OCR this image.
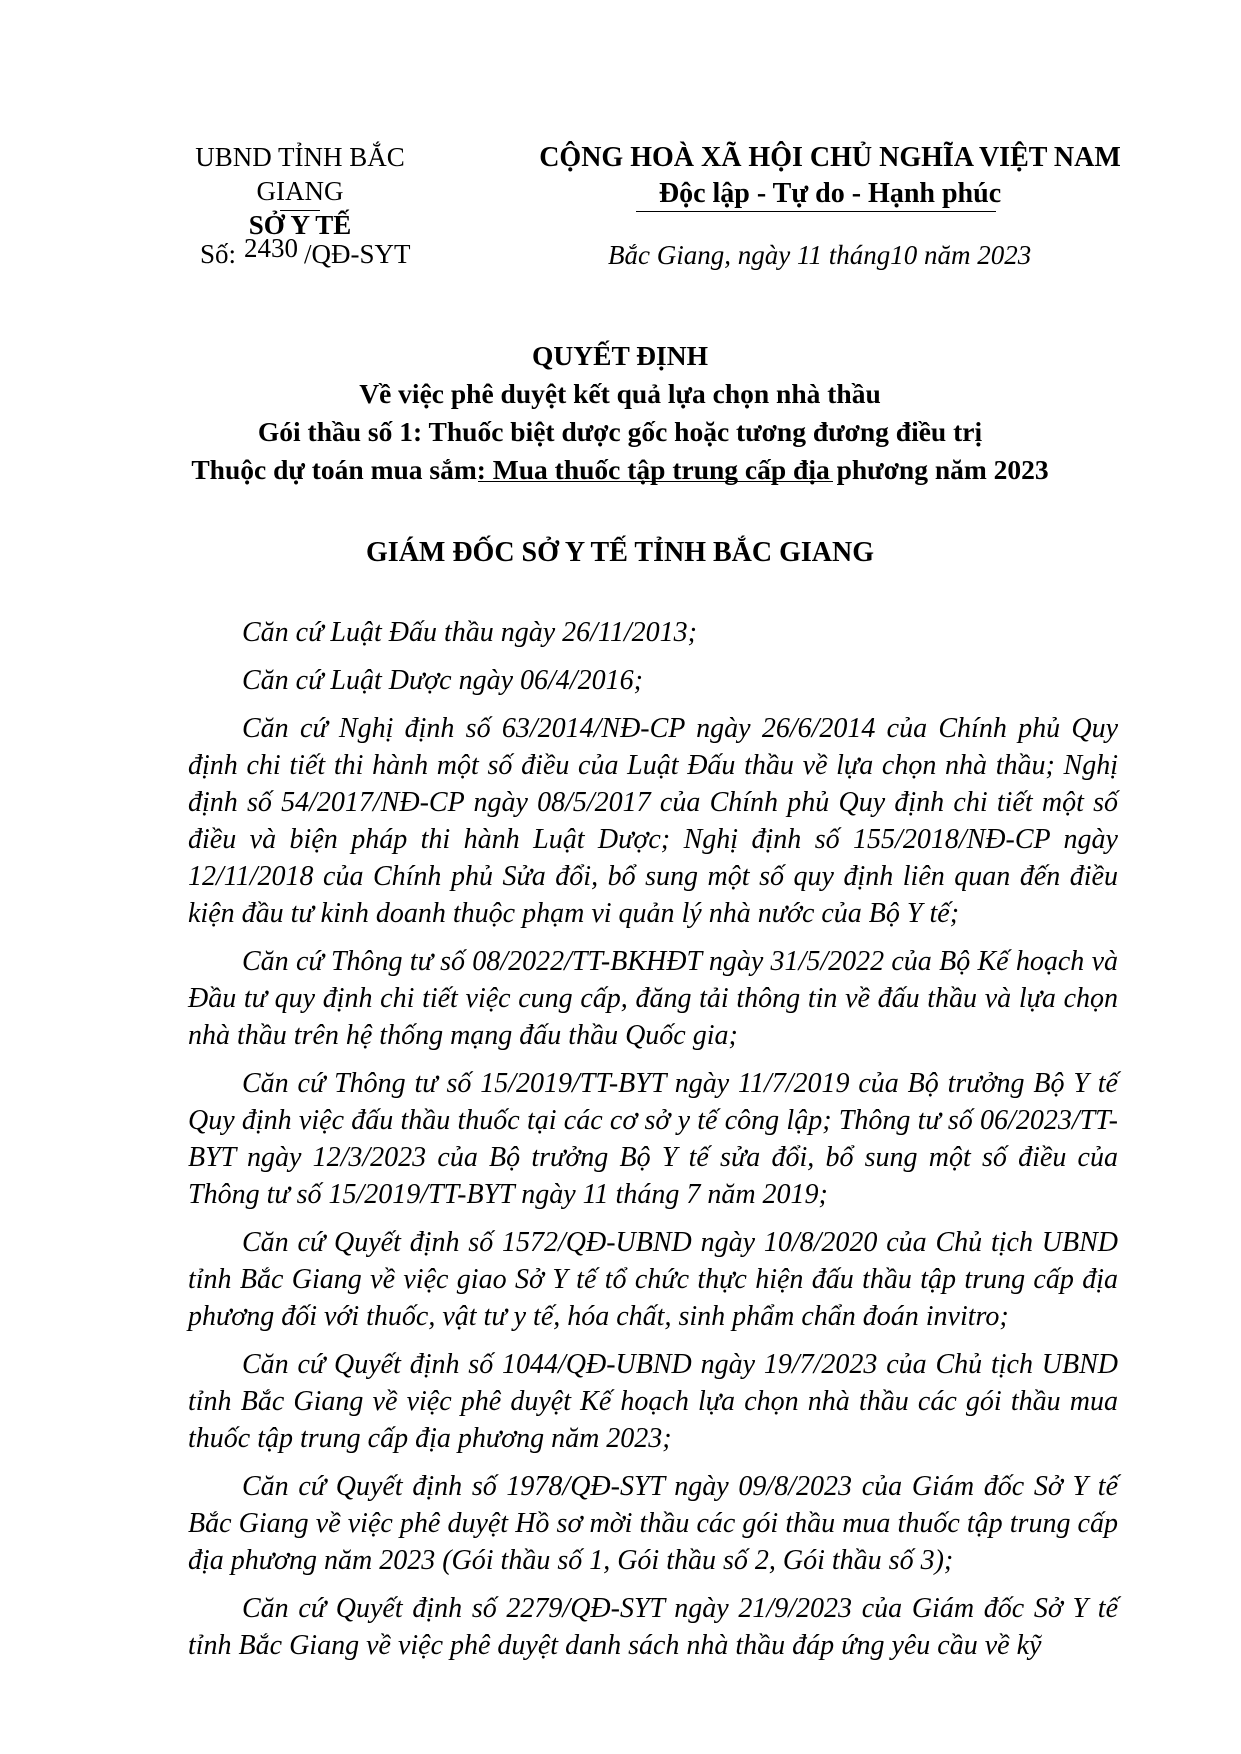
UBND TỈNH BẮC GIANG
SỞ Y TẾ
CỘNG HOÀ XÃ HỘI CHỦ NGHĨA VIỆT NAM
Độc lập - Tự do - Hạnh phúc
Số: 2430 /QĐ-SYT	Bắc Giang, ngày 11 tháng10 năm 2023
QUYẾT ĐỊNH
Về việc phê duyệt kết quả lựa chọn nhà thầu
Gói thầu số 1: Thuốc biệt dược gốc hoặc tương đương điều trị
Thuộc dự toán mua sắm: Mua thuốc tập trung cấp địa phương năm 2023
GIÁM ĐỐC SỞ Y TẾ TỈNH BẮC GIANG

Căn cứ Luật Đấu thầu ngày 26/11/2013;

Căn cứ Luật Dược ngày 06/4/2016;

Căn cứ Nghị định số 63/2014/NĐ-CP ngày 26/6/2014 của Chính phủ Quy định chi tiết thi hành một số điều của Luật Đấu thầu về lựa chọn nhà thầu; Nghị định số 54/2017/NĐ-CP ngày 08/5/2017 của Chính phủ Quy định chi tiết một số điều và biện pháp thi hành Luật Dược; Nghị định số 155/2018/NĐ-CP ngày 12/11/2018 của Chính phủ Sửa đổi, bổ sung một số quy định liên quan đến điều kiện đầu tư kinh doanh thuộc phạm vi quản lý nhà nước của Bộ Y tế;

Căn cứ Thông tư số 08/2022/TT-BKHĐT ngày 31/5/2022 của Bộ Kế hoạch và Đầu tư quy định chi tiết việc cung cấp, đăng tải thông tin về đấu thầu và lựa chọn nhà thầu trên hệ thống mạng đấu thầu Quốc gia;

Căn cứ Thông tư số 15/2019/TT-BYT ngày 11/7/2019 của Bộ trưởng Bộ Y tế Quy định việc đấu thầu thuốc tại các cơ sở y tế công lập; Thông tư số 06/2023/TT-BYT ngày 12/3/2023 của Bộ trưởng Bộ Y tế sửa đổi, bổ sung một số điều của Thông tư số 15/2019/TT-BYT ngày 11 tháng 7 năm 2019;

Căn cứ Quyết định số 1572/QĐ-UBND ngày 10/8/2020 của Chủ tịch UBND tỉnh Bắc Giang về việc giao Sở Y tế tổ chức thực hiện đấu thầu tập trung cấp địa phương đối với thuốc, vật tư y tế, hóa chất, sinh phẩm chẩn đoán invitro;

Căn cứ Quyết định số 1044/QĐ-UBND ngày 19/7/2023 của Chủ tịch UBND tỉnh Bắc Giang về việc phê duyệt Kế hoạch lựa chọn nhà thầu các gói thầu mua thuốc tập trung cấp địa phương năm 2023;

Căn cứ Quyết định số 1978/QĐ-SYT ngày 09/8/2023 của Giám đốc Sở Y tế Bắc Giang về việc phê duyệt Hồ sơ mời thầu các gói thầu mua thuốc tập trung cấp địa phương năm 2023 (Gói thầu số 1, Gói thầu số 2, Gói thầu số 3);

Căn cứ Quyết định số 2279/QĐ-SYT ngày 21/9/2023 của Giám đốc Sở Y tế tỉnh Bắc Giang về việc phê duyệt danh sách nhà thầu đáp ứng yêu cầu về kỹ
